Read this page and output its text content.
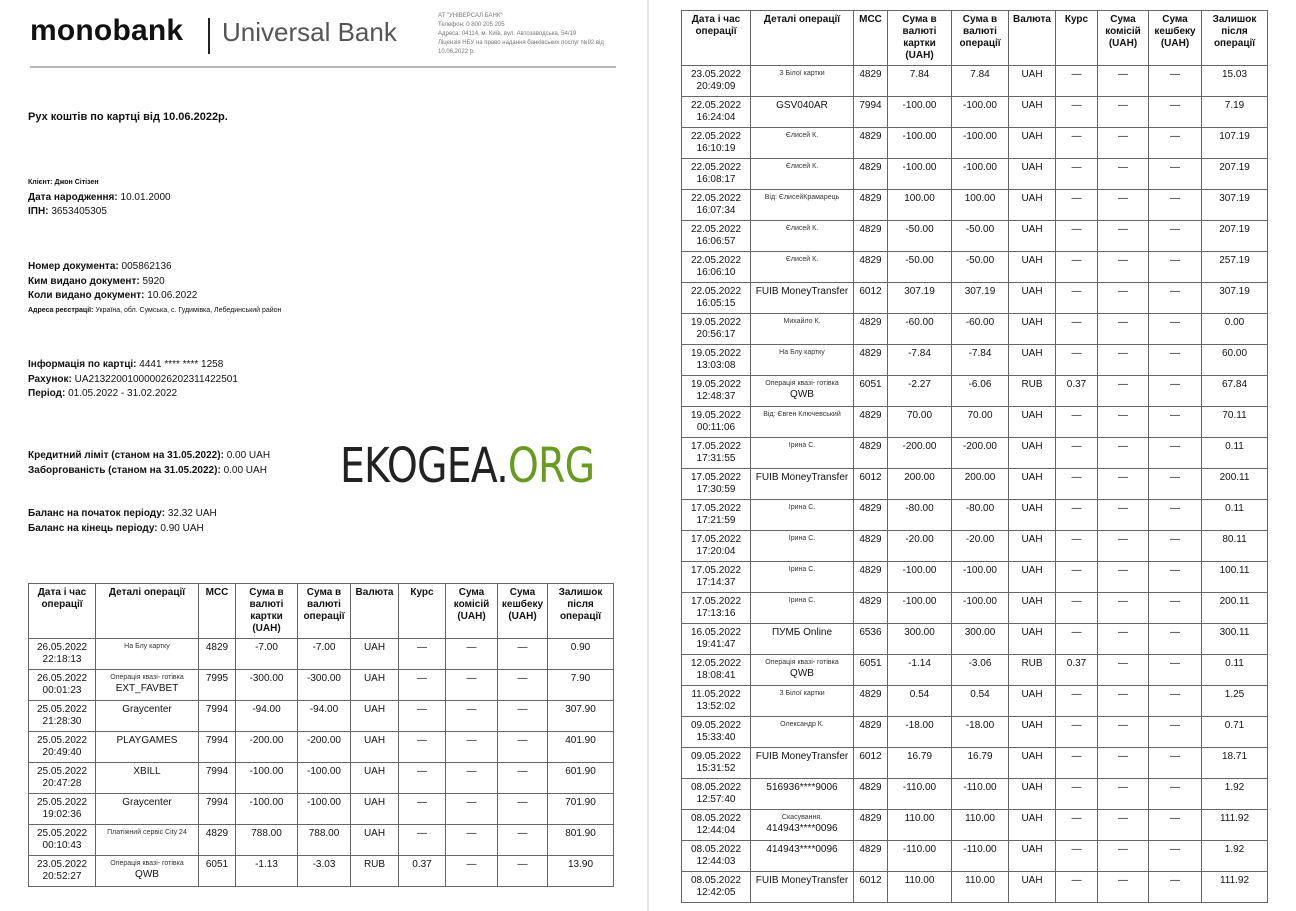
monobank Universal Bank
АТ "УНІВЕРСАЛ БАНК"
Телефон: 0 800 205 205
Адреса: 04114, м. Київ, вул. Автозаводська, 54/19
Ліцензія НБУ на право надання банківських послуг №92 від 10.06.2022 р.
Рух коштів по картці від 10.06.2022р.
Клієнт: Джон Сітізен
Дата народження: 10.01.2000
ІПН: 3653405305
Номер документа: 005862136
Ким видано документ: 5920
Коли видано документ: 10.06.2022
Адреса реєстрації: Україна, обл. Сумська, с. Гудимівка, Лебединський район
Інформація по картці: 4441 **** **** 1258
Рахунок: UA213220010000026202311422501
Період: 01.05.2022 - 31.02.2022
Кредитний ліміт (станом на 31.05.2022): 0.00 UAH
Заборгованість (станом на 31.05.2022): 0.00 UAH
Баланс на початок періоду: 32.32 UAH
Баланс на кінець періоду: 0.90 UAH
Дата і час операції	Деталі операції	MCC	Сума в валюті картки (UAH)	Сума в валюті операції	Валюта	Курс	Сума комісій (UAH)	Сума кешбеку (UAH)	Залишок після операції

26.05.2022
22:18:13	На Блу картку	4829	-7.00	-7.00	UAH	—	—	—	0.90

26.05.2022
00:01:23	Операція квазі- готівка
EXT_FAVBET	7995	-300.00	-300.00	UAH	—	—	—	7.90

25.05.2022
21:28:30	Graycenter	7994	-94.00	-94.00	UAH	—	—	—	307.90

25.05.2022
20:49:40	PLAYGAMES	7994	-200.00	-200.00	UAH	—	—	—	401.90

25.05.2022
20:47:28	XBILL	7994	-100.00	-100.00	UAH	—	—	—	601.90

25.05.2022
19:02:36	Graycenter	7994	-100.00	-100.00	UAH	—	—	—	701.90

25.05.2022
00:10:43	Платіжний сервіс City 24	4829	788.00	788.00	UAH	—	—	—	801.90

23.05.2022
20:52:27	Операція квазі- готівка
QWB	6051	-1.13	-3.03	RUB	0.37	—	—	13.90
EKOGEA.ORG
Дата і час операції	Деталі операції	MCC	Сума в валюті картки (UAH)	Сума в валюті операції	Валюта	Курс	Сума комісій (UAH)	Сума кешбеку (UAH)	Залишок після операції

23.05.2022
20:49:09	З Білої картки	4829	7.84	7.84	UAH	—	—	—	15.03

22.05.2022
16:24:04	GSV040AR	7994	-100.00	-100.00	UAH	—	—	—	7.19

22.05.2022
16:10:19	Єлисей К.	4829	-100.00	-100.00	UAH	—	—	—	107.19

22.05.2022
16:08:17	Єлисей К.	4829	-100.00	-100.00	UAH	—	—	—	207.19

22.05.2022
16:07:34	Від: ЄлисейКрамарець	4829	100.00	100.00	UAH	—	—	—	307.19

22.05.2022
16:06:57	Єлисей К.	4829	-50.00	-50.00	UAH	—	—	—	207.19

22.05.2022
16:06:10	Єлисей К.	4829	-50.00	-50.00	UAH	—	—	—	257.19

22.05.2022
16:05:15	FUIB MoneyTransfer	6012	307.19	307.19	UAH	—	—	—	307.19

19.05.2022
20:56:17	Михайло К.	4829	-60.00	-60.00	UAH	—	—	—	0.00

19.05.2022
13:03:08	На Блу картку	4829	-7.84	-7.84	UAH	—	—	—	60.00

19.05.2022
12:48:37	Операція квазі- готівка
QWB	6051	-2.27	-6.06	RUB	0.37	—	—	67.84

19.05.2022
00:11:06	Від: Євген Ключевський	4829	70.00	70.00	UAH	—	—	—	70.11

17.05.2022
17:31:55	Ірина С.	4829	-200.00	-200.00	UAH	—	—	—	0.11

17.05.2022
17:30:59	FUIB MoneyTransfer	6012	200.00	200.00	UAH	—	—	—	200.11

17.05.2022
17:21:59	Ірина С.	4829	-80.00	-80.00	UAH	—	—	—	0.11

17.05.2022
17:20:04	Ірина С.	4829	-20.00	-20.00	UAH	—	—	—	80.11

17.05.2022
17:14:37	Ірина С.	4829	-100.00	-100.00	UAH	—	—	—	100.11

17.05.2022
17:13:16	Ірина С.	4829	-100.00	-100.00	UAH	—	—	—	200.11

16.05.2022
19:41:47	ПУМБ Online	6536	300.00	300.00	UAH	—	—	—	300.11

12.05.2022
18:08:41	Операція квазі- готівка
QWB	6051	-1.14	-3.06	RUB	0.37	—	—	0.11

11.05.2022
13:52:02	З Білої картки	4829	0.54	0.54	UAH	—	—	—	1.25

09.05.2022
15:33:40	Олександр К.	4829	-18.00	-18.00	UAH	—	—	—	0.71

09.05.2022
15:31:52	FUIB MoneyTransfer	6012	16.79	16.79	UAH	—	—	—	18.71

08.05.2022
12:57:40	516936****9006	4829	-110.00	-110.00	UAH	—	—	—	1.92

08.05.2022
12:44:04	Скасування.
414943****0096	4829	110.00	110.00	UAH	—	—	—	111.92

08.05.2022
12:44:03	414943****0096	4829	-110.00	-110.00	UAH	—	—	—	1.92

08.05.2022
12:42:05	FUIB MoneyTransfer	6012	110.00	110.00	UAH	—	—	—	111.92
